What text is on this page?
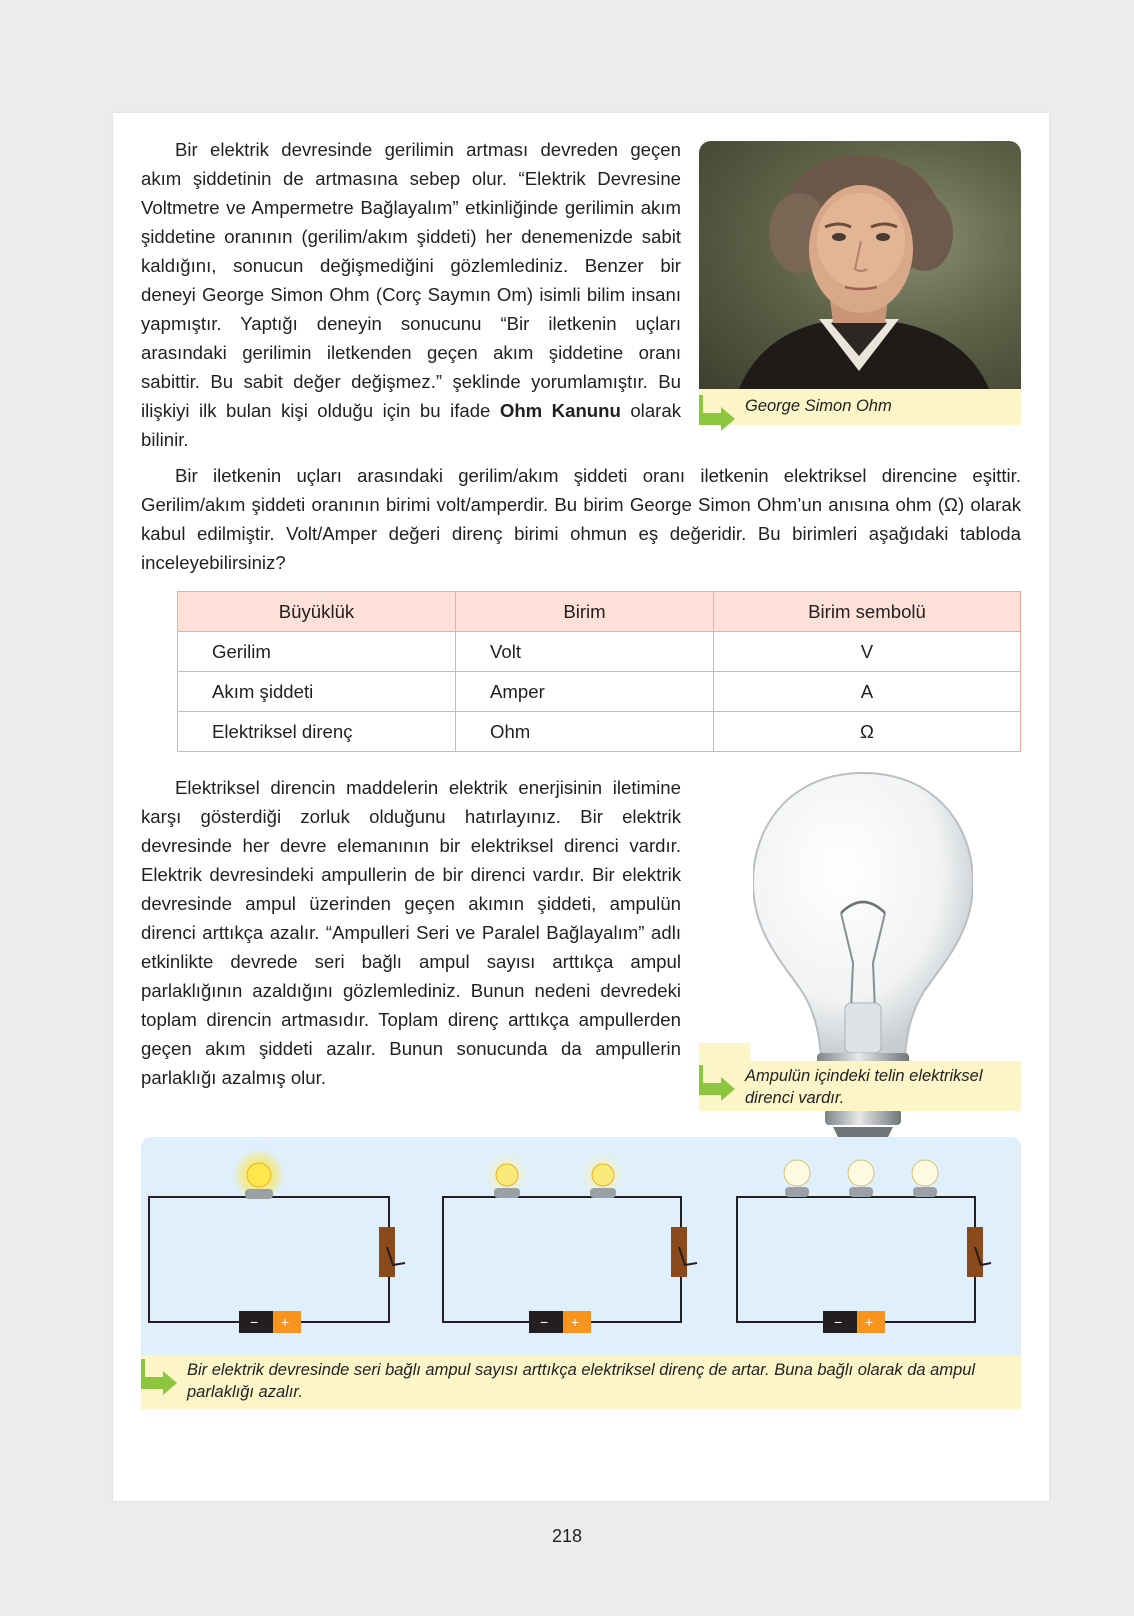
Bir elektrik devresinde gerilimin artması devreden geçen akım şiddetinin de artmasına sebep olur. “Elektrik Devresine Voltmetre ve Ampermetre Bağlayalım” etkinliğinde gerilimin akım şiddetine oranının (gerilim/akım şiddeti) her denemenizde sabit kaldığını, sonucun değişmediğini gözlemlediniz. Benzer bir deneyi George Simon Ohm (Corç Saymın Om) isimli bilim insanı yapmıştır. Yaptığı deneyin sonucunu “Bir iletkenin uçları arasındaki gerilimin iletkenden geçen akım şiddetine oranı sabittir. Bu sabit değer değişmez.” şeklinde yorumlamıştır. Bu ilişkiyi ilk bulan kişi olduğu için bu ifade Ohm Kanunu olarak bilinir.

George Simon Ohm

Bir iletkenin uçları arasındaki gerilim/akım şiddeti oranı iletkenin elektriksel direncine eşittir. Gerilim/akım şiddeti oranının birimi volt/amperdir. Bu birim George Simon Ohm’un anısına ohm (Ω) olarak kabul edilmiştir. Volt/Amper değeri direnç birimi ohmun eş değeridir. Bu birimleri aşağıdaki tabloda inceleyebilirsiniz?

Büyüklük	Birim	Birim sembolü
Gerilim	Volt	V
Akım şiddeti	Amper	A
Elektriksel direnç	Ohm	Ω

Elektriksel direncin maddelerin elektrik enerjisinin iletimine karşı gösterdiği zorluk olduğunu hatırlayınız. Bir elektrik devresinde her devre elemanının bir elektriksel direnci vardır. Elektrik devresindeki ampullerin de bir direnci vardır. Bir elektrik devresinde ampul üzerinden geçen akımın şiddeti, ampulün direnci arttıkça azalır. “Ampulleri Seri ve Paralel Bağlayalım” adlı etkinlikte devrede seri bağlı ampul sayısı arttıkça ampul parlaklığının azaldığını gözlemlediniz. Bunun nedeni devredeki toplam direncin artmasıdır. Toplam direnç arttıkça ampullerden geçen akım şiddeti azalır. Bunun sonucunda da ampullerin parlaklığı azalmış olur.	Ampulün içindeki telin elektriksel direnci vardır.
− +	− +	− +
Bir elektrik devresinde seri bağlı ampul sayısı arttıkça elektriksel direnç de artar. Buna bağlı olarak da ampul parlaklığı azalır.
218
